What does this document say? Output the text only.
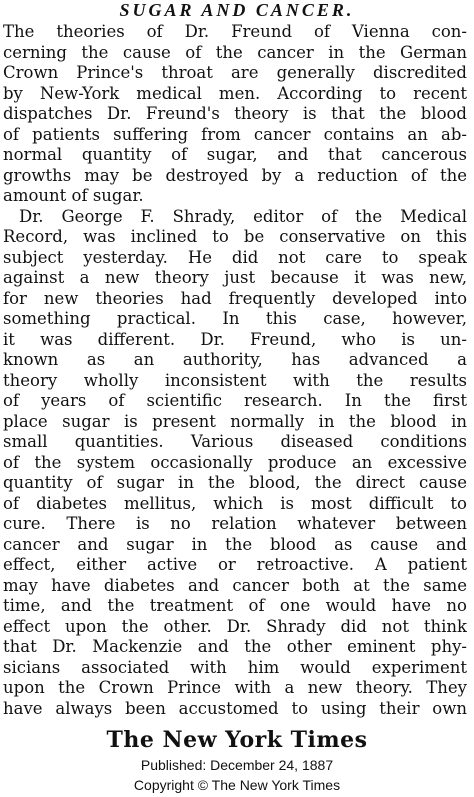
SUGAR AND CANCER.
The theories of Dr. Freund of Vienna con-
cerning the cause of the cancer in the German
Crown Prince's throat are generally discredited
by New-York medical men. According to recent
dispatches Dr. Freund's theory is that the blood
of patients suffering from cancer contains an ab-
normal quantity of sugar, and that cancerous
growths may be destroyed by a reduction of the
amount of sugar.
Dr. George F. Shrady, editor of the Medical
Record, was inclined to be conservative on this
subject yesterday. He did not care to speak
against a new theory just because it was new,
for new theories had frequently developed into
something practical. In this case, however,
it was different. Dr. Freund, who is un-
known as an authority, has advanced a
theory wholly inconsistent with the results
of years of scientific research. In the first
place sugar is present normally in the blood in
small quantities. Various diseased conditions
of the system occasionally produce an excessive
quantity of sugar in the blood, the direct cause
of diabetes mellitus, which is most difficult to
cure. There is no relation whatever between
cancer and sugar in the blood as cause and
effect, either active or retroactive. A patient
may have diabetes and cancer both at the same
time, and the treatment of one would have no
effect upon the other. Dr. Shrady did not think
that Dr. Mackenzie and the other eminent phy-
sicians associated with him would experiment
upon the Crown Prince with a new theory. They
have always been accustomed to using their own
The New York Times
Published: December 24, 1887
Copyright © The New York Times
